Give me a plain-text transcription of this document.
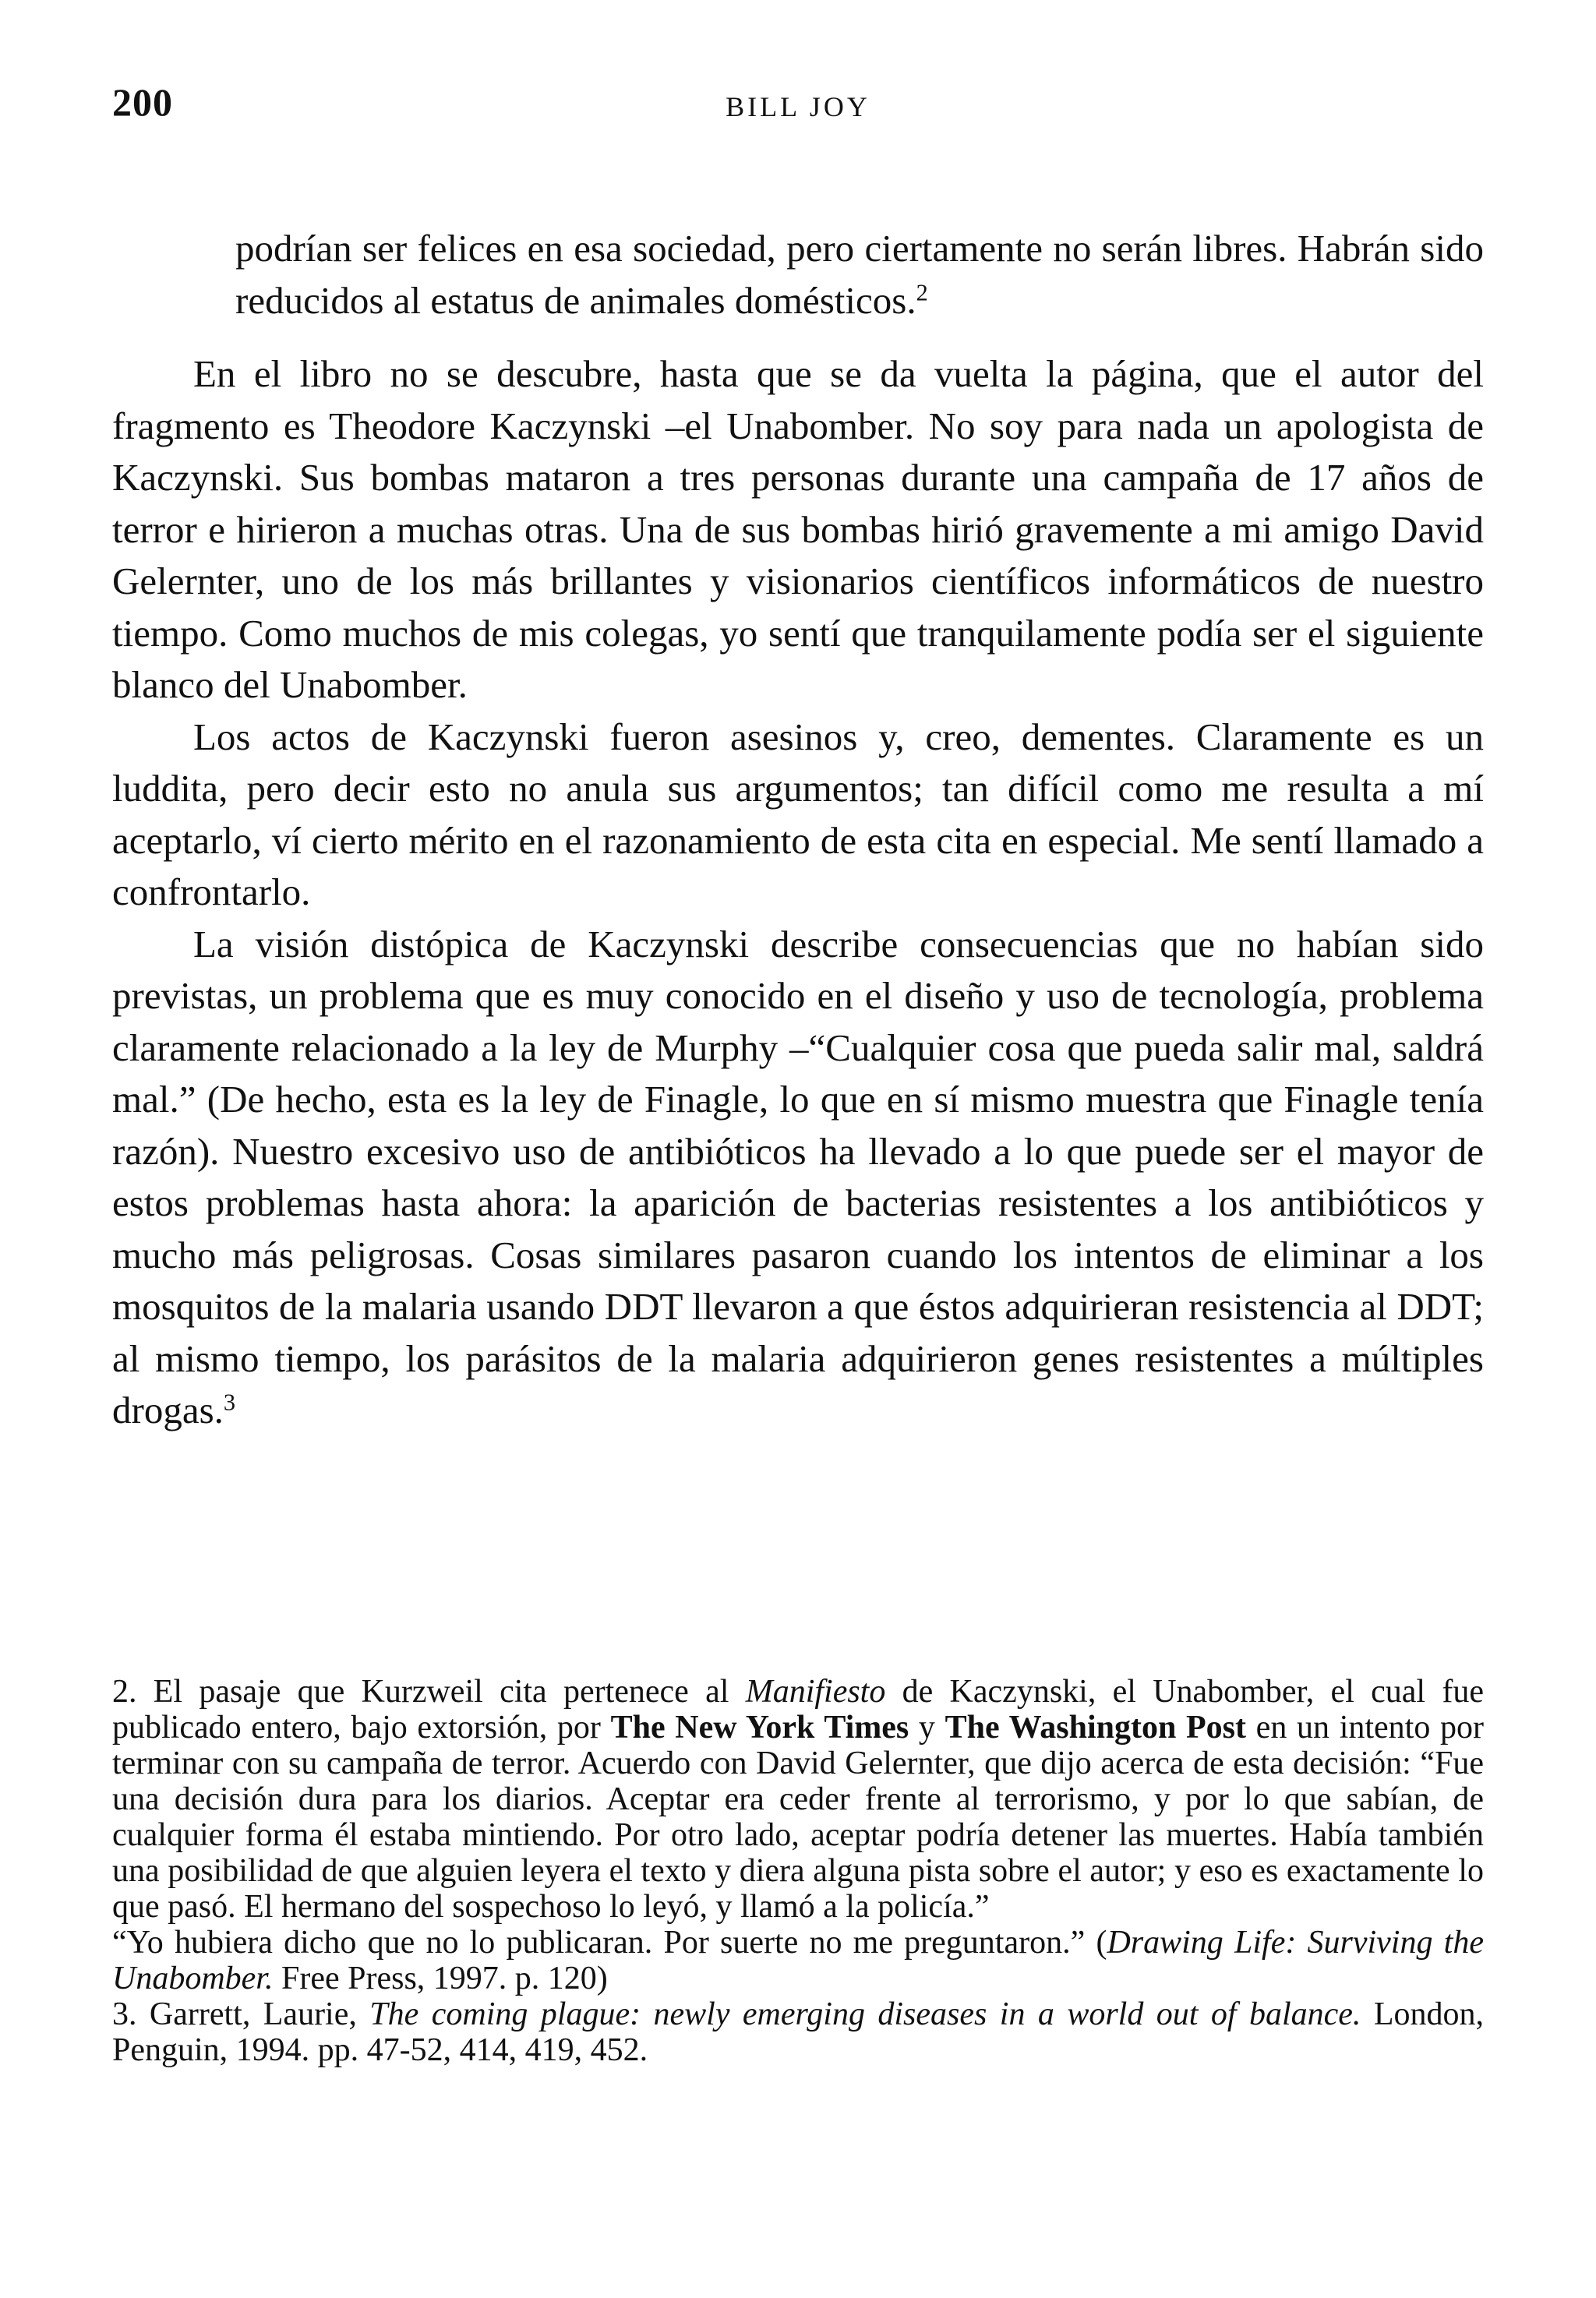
200	BILL JOY

podrían ser felices en esa sociedad, pero ciertamente no serán libres. Habrán sido reducidos al estatus de animales domésticos.$^2$

En el libro no se descubre, hasta que se da vuelta la página, que el autor del fragmento es Theodore Kaczynski –el Unabomber. No soy para nada un apologista de Kaczynski. Sus bombas mataron a tres personas durante una campaña de 17 años de terror e hirieron a muchas otras. Una de sus bombas hirió gravemente a mi amigo David Gelernter, uno de los más brillantes y visionarios científicos informáticos de nuestro tiempo. Como muchos de mis colegas, yo sentí que tranquilamente podía ser el siguiente blanco del Unabomber.

Los actos de Kaczynski fueron asesinos y, creo, dementes. Claramente es un luddita, pero decir esto no anula sus argumentos; tan difícil como me resulta a mí aceptarlo, ví cierto mérito en el razonamiento de esta cita en especial. Me sentí llamado a confrontarlo.

La visión distópica de Kaczynski describe consecuencias que no habían sido previstas, un problema que es muy conocido en el diseño y uso de tecnología, problema claramente relacionado a la ley de Murphy –“Cualquier cosa que pueda salir mal, saldrá mal.” (De hecho, esta es la ley de Finagle, lo que en sí mismo muestra que Finagle tenía razón). Nuestro excesivo uso de antibióticos ha llevado a lo que puede ser el mayor de estos problemas hasta ahora: la aparición de bacterias resistentes a los antibióticos y mucho más peligrosas. Cosas similares pasaron cuando los intentos de eliminar a los mosquitos de la malaria usando DDT llevaron a que éstos adquirieran resistencia al DDT; al mismo tiempo, los parásitos de la malaria adquirieron genes resistentes a múltiples drogas.$^3$

2. El pasaje que Kurzweil cita pertenece al Manifiesto de Kaczynski, el Unabomber, el cual fue publicado entero, bajo extorsión, por The New York Times y The Washington Post en un intento por terminar con su campaña de terror. Acuerdo con David Gelernter, que dijo acerca de esta decisión: “Fue una decisión dura para los diarios. Aceptar era ceder frente al terrorismo, y por lo que sabían, de cualquier forma él estaba mintiendo. Por otro lado, aceptar podría detener las muertes. Había también una posibilidad de que alguien leyera el texto y diera alguna pista sobre el autor; y eso es exactamente lo que pasó. El hermano del sospechoso lo leyó, y llamó a la policía.”

“Yo hubiera dicho que no lo publicaran. Por suerte no me preguntaron.” (Drawing Life: Surviving the Unabomber. Free Press, 1997. p. 120)

3. Garrett, Laurie, The coming plague: newly emerging diseases in a world out of balance. London, Penguin, 1994. pp. 47-52, 414, 419, 452.
